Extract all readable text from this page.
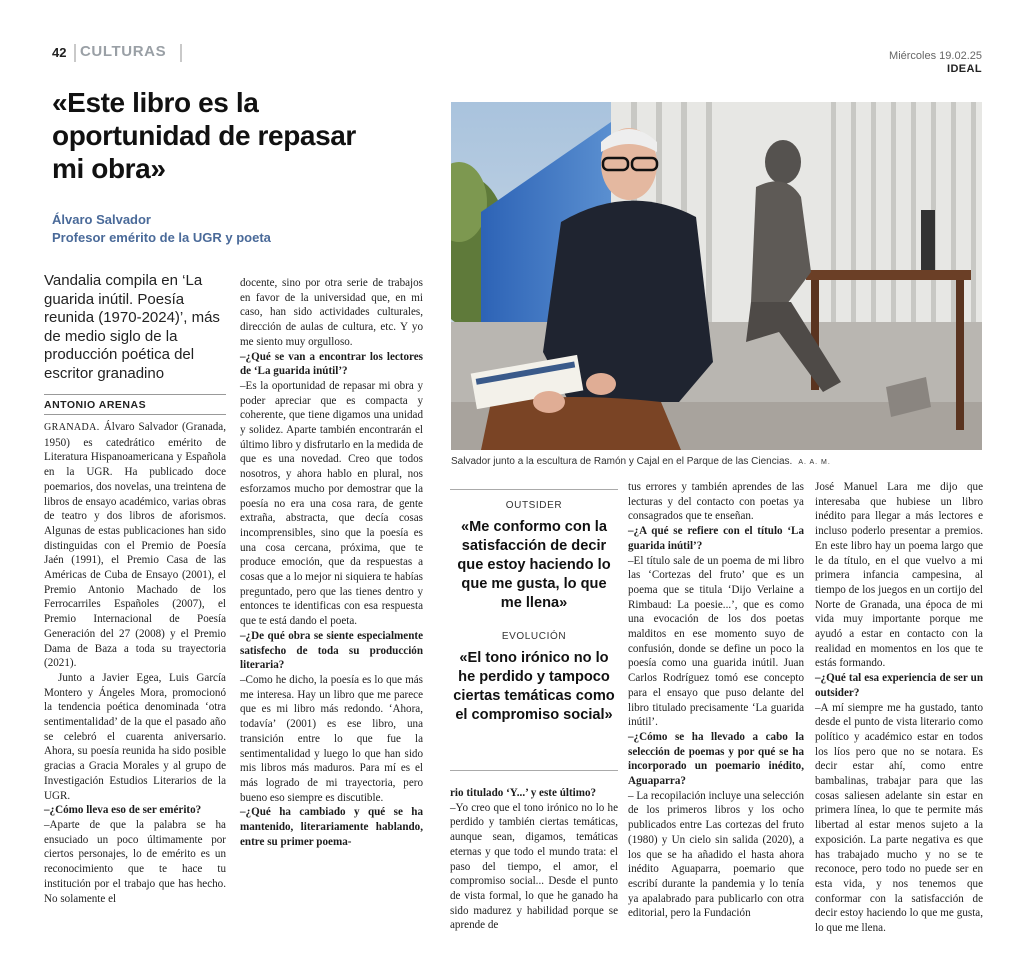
42 CULTURAS	Miércoles 19.02.25
IDEAL
«Este libro es la oportunidad de repasar mi obra»
Álvaro Salvador
Profesor emérito de la UGR y poeta
Vandalia compila en ‘La guarida inútil. Poesía reunida (1970-2024)’, más de medio siglo de la producción poética del escritor granadino
ANTONIO ARENAS

GRANADA. Álvaro Salvador (Granada, 1950) es catedrático emérito de Literatura Hispanoamericana y Española en la UGR. Ha publicado doce poemarios, dos novelas, una treintena de libros de ensayo académico, varias obras de teatro y dos libros de aforismos. Algunas de estas publicaciones han sido distinguidas con el Premio de Poesía Jaén (1991), el Premio Casa de las Américas de Cuba de Ensayo (2001), el Premio Antonio Machado de los Ferrocarriles Españoles (2007), el Premio Internacional de Poesía Generación del 27 (2008) y el Premio Dama de Baza a toda su trayectoria (2021).

Junto a Javier Egea, Luis García Montero y Ángeles Mora, promocionó la tendencia poética denominada ‘otra sentimentalidad’ de la que el pasado año se celebró el cuarenta aniversario. Ahora, su poesía reunida ha sido posible gracias a Gracia Morales y al grupo de Investigación Estudios Literarios de la UGR.

–¿Cómo lleva eso de ser emérito?

–Aparte de que la palabra se ha ensuciado un poco últimamente por ciertos personajes, lo de emérito es un reconocimiento que te hace tu institución por el trabajo que has hecho. No solamente el

docente, sino por otra serie de trabajos en favor de la universidad que, en mi caso, han sido actividades culturales, dirección de aulas de cultura, etc. Y yo me siento muy orgulloso.

–¿Qué se van a encontrar los lectores de ‘La guarida inútil’?

–Es la oportunidad de repasar mi obra y poder apreciar que es compacta y coherente, que tiene digamos una unidad y solidez. Aparte también encontrarán el último libro y disfrutarlo en la medida de que es una novedad. Creo que todos nosotros, y ahora hablo en plural, nos esforzamos mucho por demostrar que la poesía no era una cosa rara, de gente extraña, abstracta, que decía cosas incomprensibles, sino que la poesía es una cosa cercana, próxima, que te produce emoción, que da respuestas a cosas que a lo mejor ni siquiera te habías preguntado, pero que las tienes dentro y entonces te identificas con esa respuesta que te está dando el poeta.

–¿De qué obra se siente especialmente satisfecho de toda su producción literaria?

–Como he dicho, la poesía es lo que más me interesa. Hay un libro que me parece que es mi libro más redondo. ‘Ahora, todavía’ (2001) es ese libro, una transición entre lo que fue la sentimentalidad y luego lo que han sido mis libros más maduros. Para mí es el más logrado de mi trayectoria, pero bueno eso siempre es discutible.

–¿Qué ha cambiado y qué se ha mantenido, literariamente hablando, entre su primer poema-

Salvador junto a la escultura de Ramón y Cajal en el Parque de las Ciencias. A. A. M.
OUTSIDER
«Me conformo con la satisfacción de decir que estoy haciendo lo que me gusta, lo que me llena»
EVOLUCIÓN
«El tono irónico no lo he perdido y tampoco ciertas temáticas como el compromiso social»

rio titulado ‘Y...’ y este último?

–Yo creo que el tono irónico no lo he perdido y también ciertas temáticas, aunque sean, digamos, temáticas eternas y que todo el mundo trata: el paso del tiempo, el amor, el compromiso social... Desde el punto de vista formal, lo que he ganado ha sido madurez y habilidad porque se aprende de

tus errores y también aprendes de las lecturas y del contacto con poetas ya consagrados que te enseñan.

–¿A qué se refiere con el título ‘La guarida inútil’?

–El título sale de un poema de mi libro las ‘Cortezas del fruto’ que es un poema que se titula ‘Dijo Verlaine a Rimbaud: La poesie...’, que es como una evocación de los dos poetas malditos en ese momento suyo de confusión, donde se define un poco la poesía como una guarida inútil. Juan Carlos Rodríguez tomó ese concepto para el ensayo que puso delante del libro titulado precisamente ‘La guarida inútil’.

–¿Cómo se ha llevado a cabo la selección de poemas y por qué se ha incorporado un poemario inédito, Aguaparra?

– La recopilación incluye una selección de los primeros libros y los ocho publicados entre Las cortezas del fruto (1980) y Un cielo sin salida (2020), a los que se ha añadido el hasta ahora inédito Aguaparra, poemario que escribí durante la pandemia y lo tenía ya apalabrado para publicarlo con otra editorial, pero la Fundación

José Manuel Lara me dijo que interesaba que hubiese un libro inédito para llegar a más lectores e incluso poderlo presentar a premios. En este libro hay un poema largo que le da título, en el que vuelvo a mi primera infancia campesina, al tiempo de los juegos en un cortijo del Norte de Granada, una época de mi vida muy importante porque me ayudó a estar en contacto con la realidad en momentos en los que te estás formando.

–¿Qué tal esa experiencia de ser un outsider?

–A mí siempre me ha gustado, tanto desde el punto de vista literario como político y académico estar en todos los líos pero que no se notara. Es decir estar ahí, como entre bambalinas, trabajar para que las cosas saliesen adelante sin estar en primera línea, lo que te permite más libertad al estar menos sujeto a la exposición. La parte negativa es que has trabajado mucho y no se te reconoce, pero todo no puede ser en esta vida, y nos tenemos que conformar con la satisfacción de decir estoy haciendo lo que me gusta, lo que me llena.
